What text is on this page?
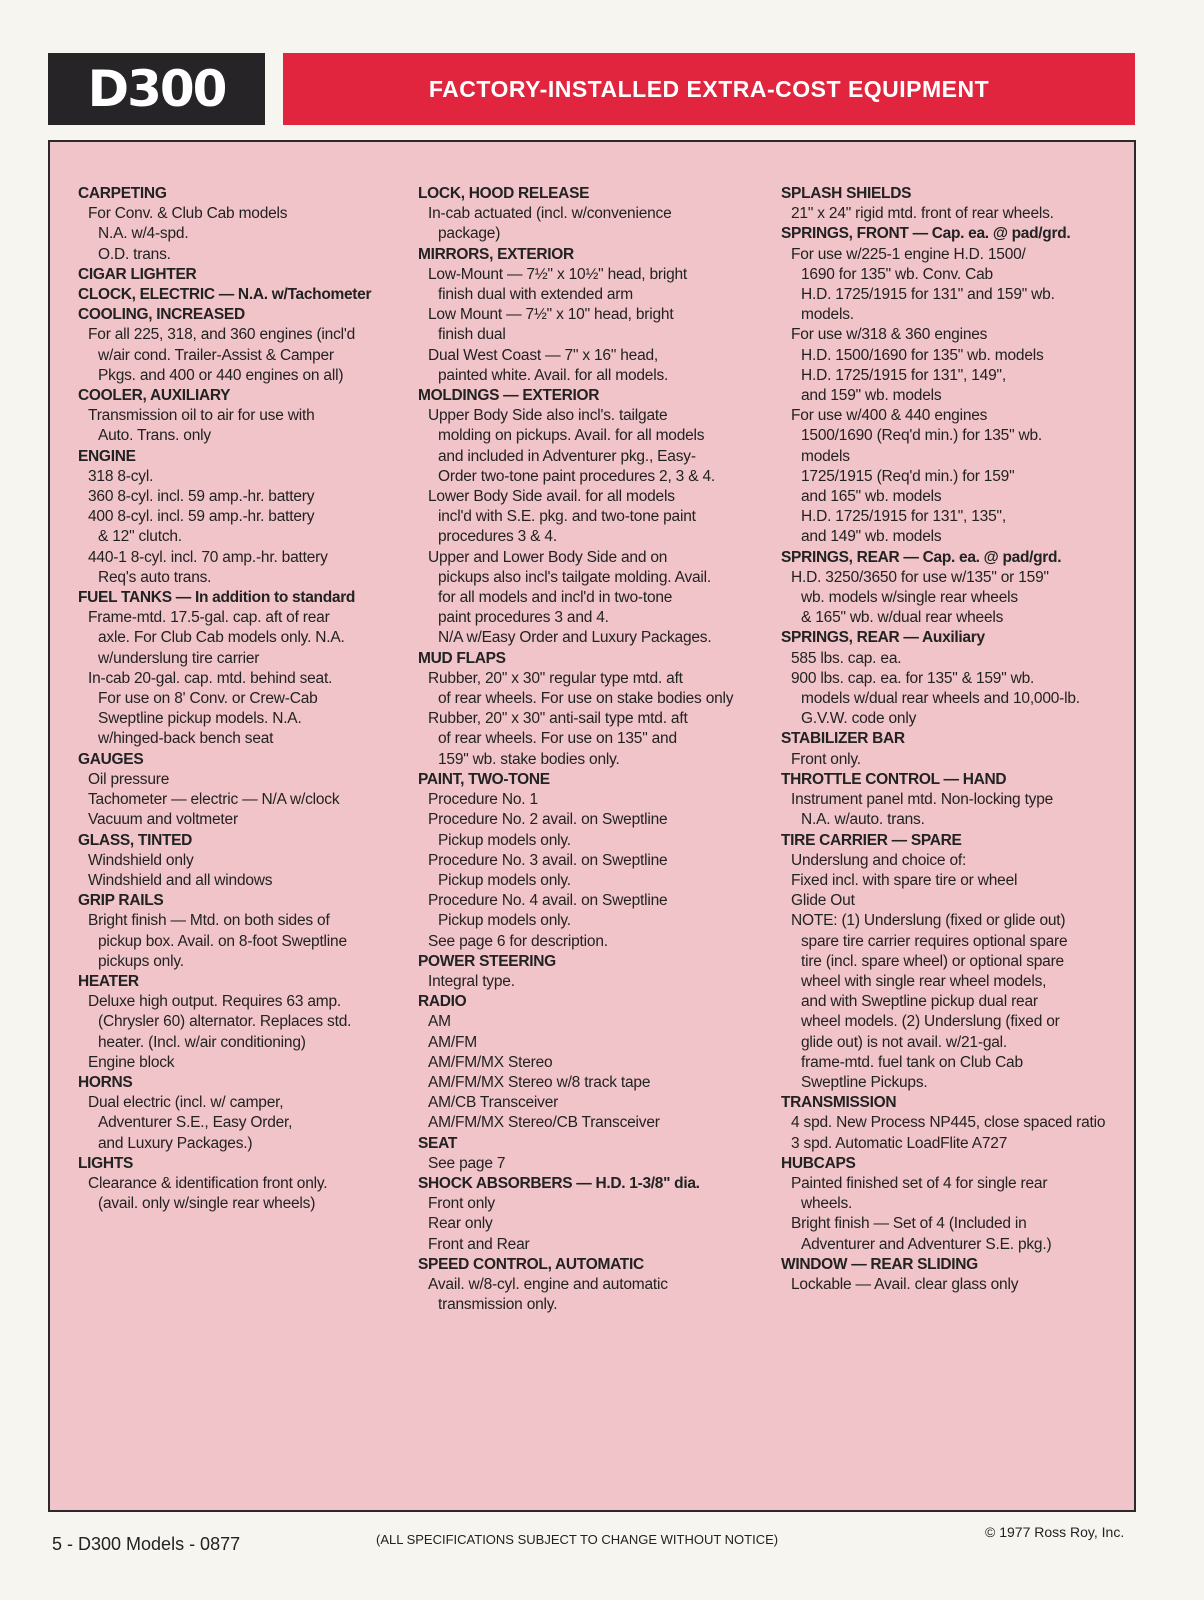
D300	FACTORY-INSTALLED EXTRA-COST EQUIPMENT
CARPETING
For Conv. & Club Cab models
N.A. w/4-spd.
O.D. trans.
CIGAR LIGHTER
CLOCK, ELECTRIC — N.A. w/Tachometer
COOLING, INCREASED
For all 225, 318, and 360 engines (incl'd
w/air cond. Trailer-Assist & Camper
Pkgs. and 400 or 440 engines on all)
COOLER, AUXILIARY
Transmission oil to air for use with
Auto. Trans. only
ENGINE
318 8-cyl.
360 8-cyl. incl. 59 amp.-hr. battery
400 8-cyl. incl. 59 amp.-hr. battery
& 12" clutch.
440-1 8-cyl. incl. 70 amp.-hr. battery
Req's auto trans.
FUEL TANKS — In addition to standard
Frame-mtd. 17.5-gal. cap. aft of rear
axle. For Club Cab models only. N.A.
w/underslung tire carrier
In-cab 20-gal. cap. mtd. behind seat.
For use on 8' Conv. or Crew-Cab
Sweptline pickup models. N.A.
w/hinged-back bench seat
GAUGES
Oil pressure
Tachometer — electric — N/A w/clock
Vacuum and voltmeter
GLASS, TINTED
Windshield only
Windshield and all windows
GRIP RAILS
Bright finish — Mtd. on both sides of
pickup box. Avail. on 8-foot Sweptline
pickups only.
HEATER
Deluxe high output. Requires 63 amp.
(Chrysler 60) alternator. Replaces std.
heater. (Incl. w/air conditioning)
Engine block
HORNS
Dual electric (incl. w/ camper,
Adventurer S.E., Easy Order,
and Luxury Packages.)
LIGHTS
Clearance & identification front only.
(avail. only w/single rear wheels)
LOCK, HOOD RELEASE
In-cab actuated (incl. w/convenience
package)
MIRRORS, EXTERIOR
Low-Mount — 7½" x 10½" head, bright
finish dual with extended arm
Low Mount — 7½" x 10" head, bright
finish dual
Dual West Coast — 7" x 16" head,
painted white. Avail. for all models.
MOLDINGS — EXTERIOR
Upper Body Side also incl's. tailgate
molding on pickups. Avail. for all models
and included in Adventurer pkg., Easy-
Order two-tone paint procedures 2, 3 & 4.
Lower Body Side avail. for all models
incl'd with S.E. pkg. and two-tone paint
procedures 3 & 4.
Upper and Lower Body Side and on
pickups also incl's tailgate molding. Avail.
for all models and incl'd in two-tone
paint procedures 3 and 4.
N/A w/Easy Order and Luxury Packages.
MUD FLAPS
Rubber, 20" x 30" regular type mtd. aft
of rear wheels. For use on stake bodies only
Rubber, 20" x 30" anti-sail type mtd. aft
of rear wheels. For use on 135" and
159" wb. stake bodies only.
PAINT, TWO-TONE
Procedure No. 1
Procedure No. 2 avail. on Sweptline
Pickup models only.
Procedure No. 3 avail. on Sweptline
Pickup models only.
Procedure No. 4 avail. on Sweptline
Pickup models only.
See page 6 for description.
POWER STEERING
Integral type.
RADIO
AM
AM/FM
AM/FM/MX Stereo
AM/FM/MX Stereo w/8 track tape
AM/CB Transceiver
AM/FM/MX Stereo/CB Transceiver
SEAT
See page 7
SHOCK ABSORBERS — H.D. 1-3/8" dia.
Front only
Rear only
Front and Rear
SPEED CONTROL, AUTOMATIC
Avail. w/8-cyl. engine and automatic
transmission only.
SPLASH SHIELDS
21" x 24" rigid mtd. front of rear wheels.
SPRINGS, FRONT — Cap. ea. @ pad/grd.
For use w/225-1 engine H.D. 1500/
1690 for 135" wb. Conv. Cab
H.D. 1725/1915 for 131" and 159" wb.
models.
For use w/318 & 360 engines
H.D. 1500/1690 for 135" wb. models
H.D. 1725/1915 for 131", 149",
and 159" wb. models
For use w/400 & 440 engines
1500/1690 (Req'd min.) for 135" wb.
models
1725/1915 (Req'd min.) for 159"
and 165" wb. models
H.D. 1725/1915 for 131", 135",
and 149" wb. models
SPRINGS, REAR — Cap. ea. @ pad/grd.
H.D. 3250/3650 for use w/135" or 159"
wb. models w/single rear wheels
& 165" wb. w/dual rear wheels
SPRINGS, REAR — Auxiliary
585 lbs. cap. ea.
900 lbs. cap. ea. for 135" & 159" wb.
models w/dual rear wheels and 10,000-lb.
G.V.W. code only
STABILIZER BAR
Front only.
THROTTLE CONTROL — HAND
Instrument panel mtd. Non-locking type
N.A. w/auto. trans.
TIRE CARRIER — SPARE
Underslung and choice of:
Fixed incl. with spare tire or wheel
Glide Out
NOTE: (1) Underslung (fixed or glide out)
spare tire carrier requires optional spare
tire (incl. spare wheel) or optional spare
wheel with single rear wheel models,
and with Sweptline pickup dual rear
wheel models. (2) Underslung (fixed or
glide out) is not avail. w/21-gal.
frame-mtd. fuel tank on Club Cab
Sweptline Pickups.
TRANSMISSION
4 spd. New Process NP445, close spaced ratio
3 spd. Automatic LoadFlite A727
HUBCAPS
Painted finished set of 4 for single rear
wheels.
Bright finish — Set of 4 (Included in
Adventurer and Adventurer S.E. pkg.)
WINDOW — REAR SLIDING
Lockable — Avail. clear glass only
5 - D300 Models - 0877	(ALL SPECIFICATIONS SUBJECT TO CHANGE WITHOUT NOTICE)	© 1977 Ross Roy, Inc.
